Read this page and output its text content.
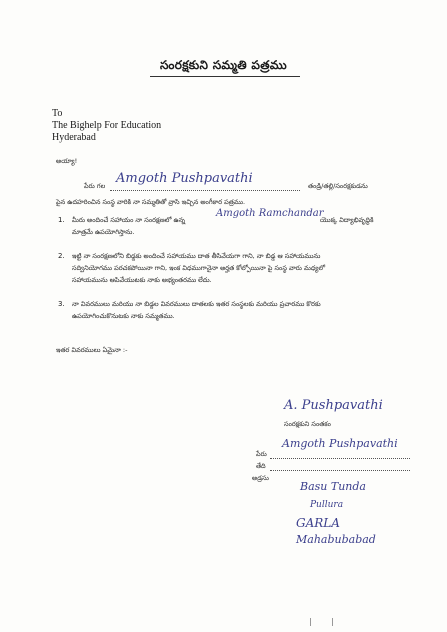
సంరక్షకుని సమ్మతి పత్రము
To
The Bighelp For Education
Hyderabad
అయ్యా!
పేరు గల Amgoth Pushpavathi	తండ్రి/తల్లి/సంరక్షకుడను
పైన ఉదహరించిన సంస్థ వారికి నా సమ్మతితో వ్రాసి ఇచ్చిన అంగీకార పత్రము.
1. మీరు అందించే సహాయం నా సంరక్షణలో ఉన్న
Amgoth Ramchandar
యొక్క విద్యాభివృద్ధికి
మాత్రమే ఉపయోగిస్తాను.
2. ఇట్టి నా సంరక్షణలోని బిడ్డకు అందించే సహాయము దాత తీసివేయగా గాని, నా బిడ్డ ఆ సహాయమును
సద్వినియోగము పరచకపోయినా గాని, ఇంక విధముగానైనా అర్హత కోల్పోయినా పై సంస్థ వారు మధ్యలో
సహాయమును ఆపివేయుటకు నాకు అభ్యంతరము లేదు.
3. నా వివరములు మరియు నా బిడ్డల వివరములు దాతలకు ఇతర సంస్థలకు మరియు ప్రచారము కొరకు
ఉపయోగించుకొనుటకు నాకు సమ్మతము.
ఇతర వివరములు ఏమైనా :-
A. Pushpavathi
సంరక్షకుని సంతకం
పేరు
Amgoth Pushpavathi
తేది
అడ్రసు
Basu Tunda
Pullura
GARLA
Mahabubabad
